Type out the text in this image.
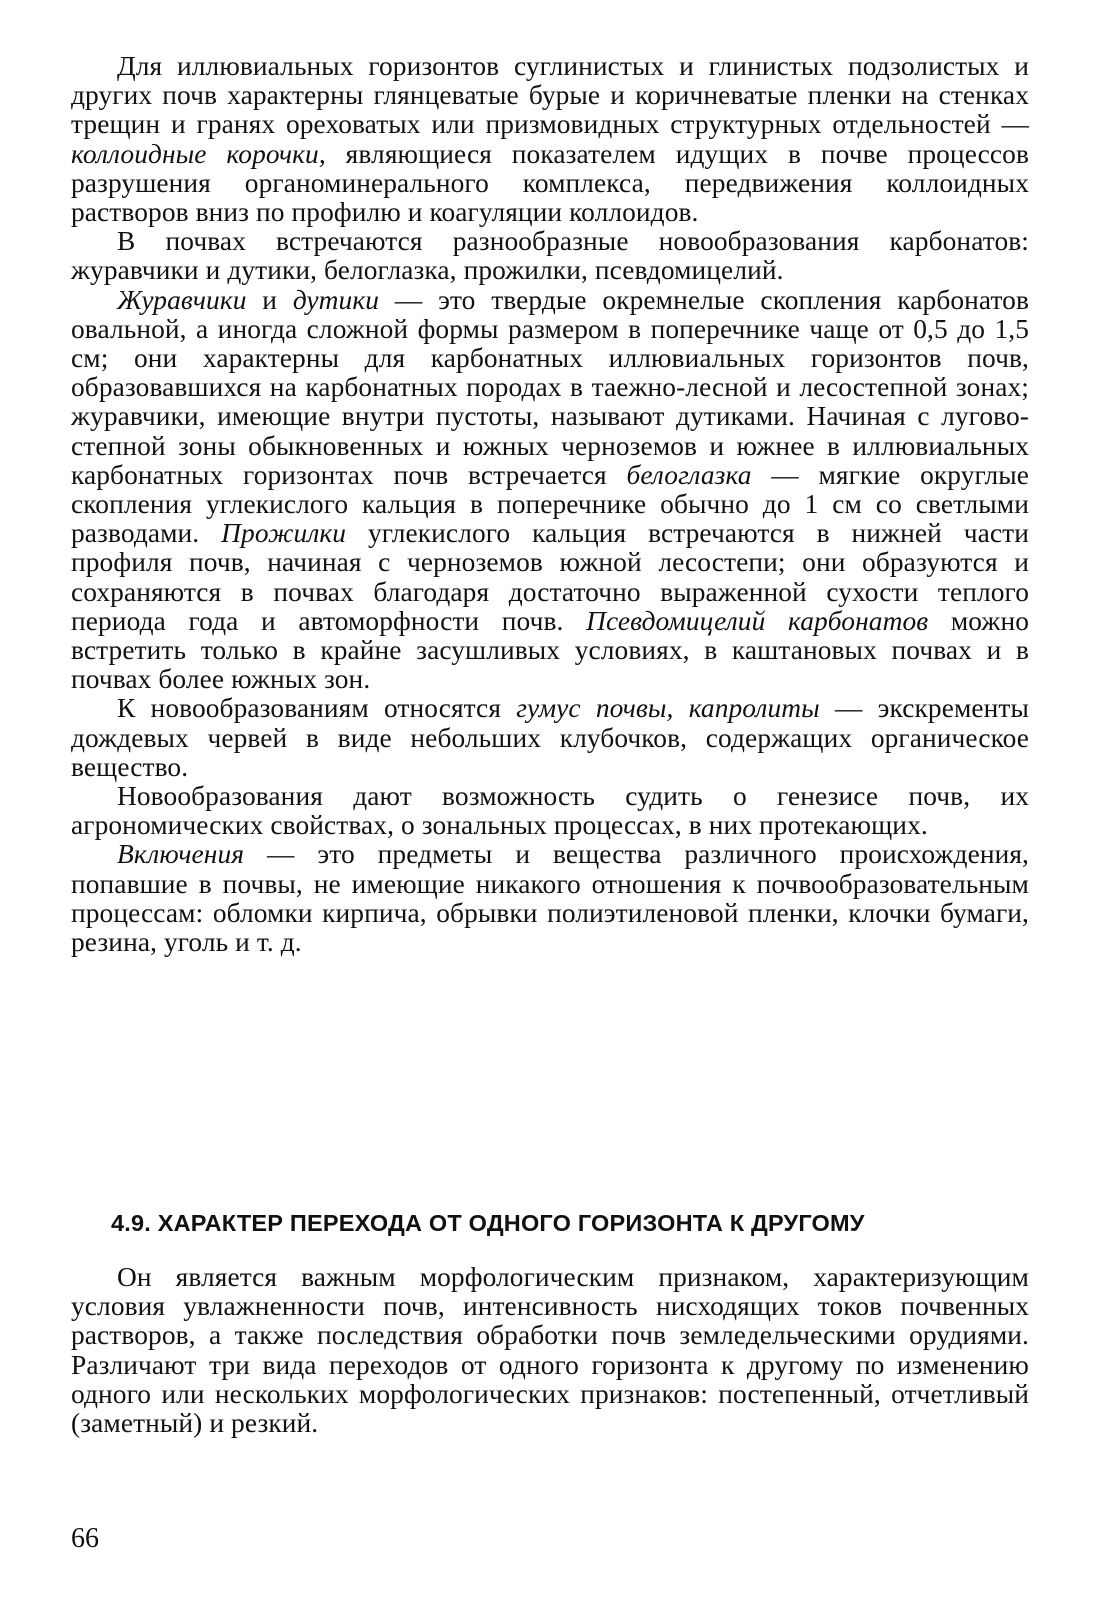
Для иллювиальных горизонтов суглинистых и глинистых подзолистых и других почв характерны глянцеватые бурые и коричневатые пленки на стенках трещин и гранях ореховатых или призмовидных структурных отдельностей — коллоидные корочки, являющиеся показателем идущих в почве процессов разрушения органоминерального комплекса, передвижения коллоидных растворов вниз по профилю и коагуляции коллоидов.

В почвах встречаются разнообразные новообразования карбонатов: журавчики и дутики, белоглазка, прожилки, псевдомицелий.

Журавчики и дутики — это твердые окремнелые скопления карбонатов овальной, а иногда сложной формы размером в поперечнике чаще от 0,5 до 1,5 см; они характерны для карбонатных иллювиальных горизонтов почв, образовавшихся на карбонатных породах в таежно-лесной и лесостепной зонах; журавчики, имеющие внутри пустоты, называют дутиками. Начиная с лугово-степной зоны обыкновенных и южных черноземов и южнее в иллювиальных карбонатных горизонтах почв встречается белоглазка — мягкие округлые скопления углекислого кальция в поперечнике обычно до 1 см со светлыми разводами. Прожилки углекислого кальция встречаются в нижней части профиля почв, начиная с черноземов южной лесостепи; они образуются и сохраняются в почвах благодаря достаточно выраженной сухости теплого периода года и автоморфности почв. Псевдомицелий карбонатов можно встретить только в крайне засушливых условиях, в каштановых почвах и в почвах более южных зон.

К новообразованиям относятся гумус почвы, капролиты — экскременты дождевых червей в виде небольших клубочков, содержащих органическое вещество.

Новообразования дают возможность судить о генезисе почв, их агрономических свойствах, о зональных процессах, в них протекающих.

Включения — это предметы и вещества различного происхождения, попавшие в почвы, не имеющие никакого отношения к почвообразовательным процессам: обломки кирпича, обрывки полиэтиленовой пленки, клочки бумаги, резина, уголь и т. д.

4.9. ХАРАКТЕР ПЕРЕХОДА ОТ ОДНОГО ГОРИЗОНТА К ДРУГОМУ

Он является важным морфологическим признаком, характеризующим условия увлажненности почв, интенсивность нисходящих токов почвенных растворов, а также последствия обработки почв земледельческими орудиями. Различают три вида переходов от одного горизонта к другому по изменению одного или нескольких морфологических признаков: постепенный, отчетливый (заметный) и резкий.

66
